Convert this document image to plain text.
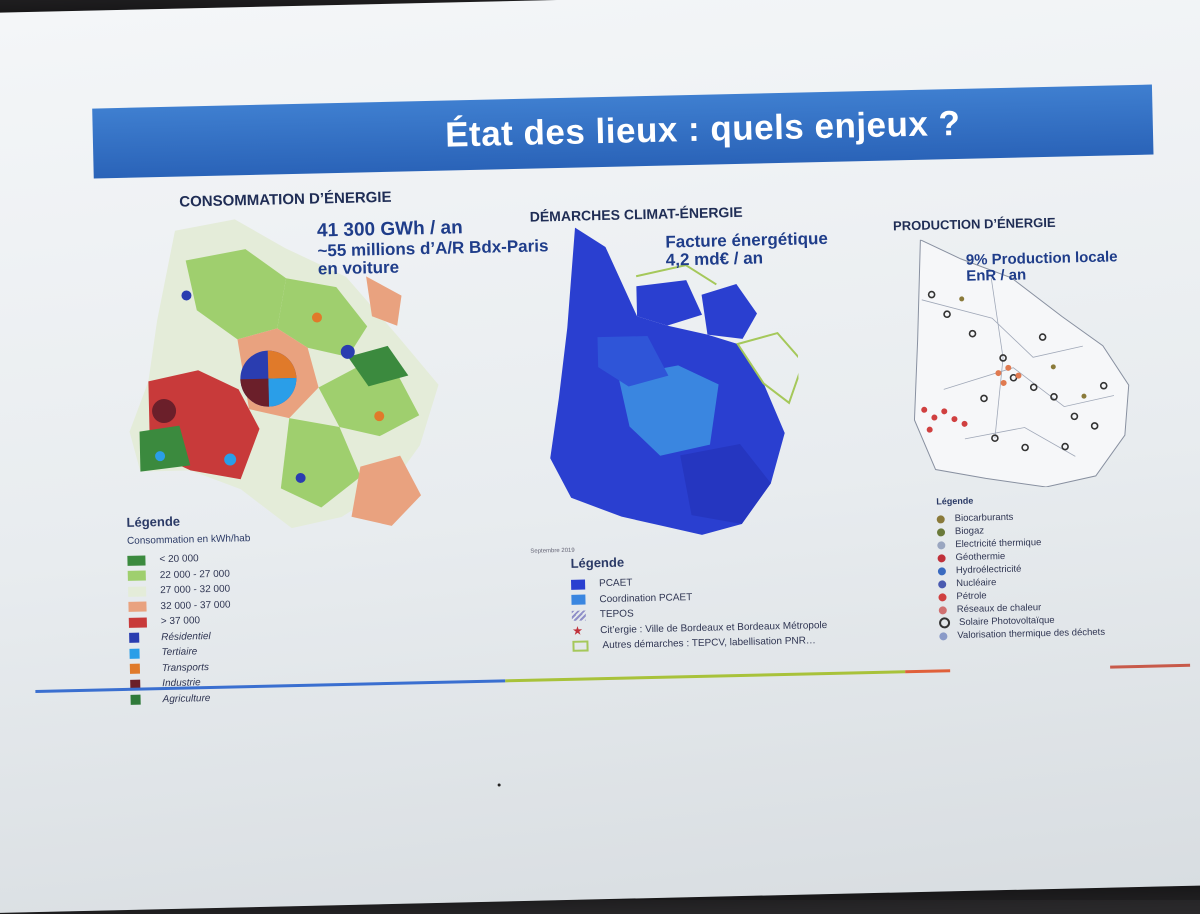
État des lieux : quels enjeux ?
CONSOMMATION D’ÉNERGIE
41 300 GWh / an
~55 millions d’A/R Bdx-Paris
en voiture
Légende
Consommation en kWh/hab
< 20 000
22 000 - 27 000
27 000 - 32 000
32 000 - 37 000
> 37 000
Résidentiel
Tertiaire
Transports
Industrie
Agriculture
DÉMARCHES CLIMAT-ÉNERGIE
Facture énergétique
4,2 md€ / an
Septembre 2019
Légende
PCAET
Coordination PCAET
TEPOS
★	Cit’ergie : Ville de Bordeaux et Bordeaux Métropole
Autres démarches : TEPCV, labellisation PNR…
PRODUCTION D’ÉNERGIE
9% Production locale
EnR / an
Légende
Biocarburants
Biogaz
Electricité thermique
Géothermie
Hydroélectricité
Nucléaire
Pétrole
Réseaux de chaleur
Solaire Photovoltaïque
Valorisation thermique des déchets
